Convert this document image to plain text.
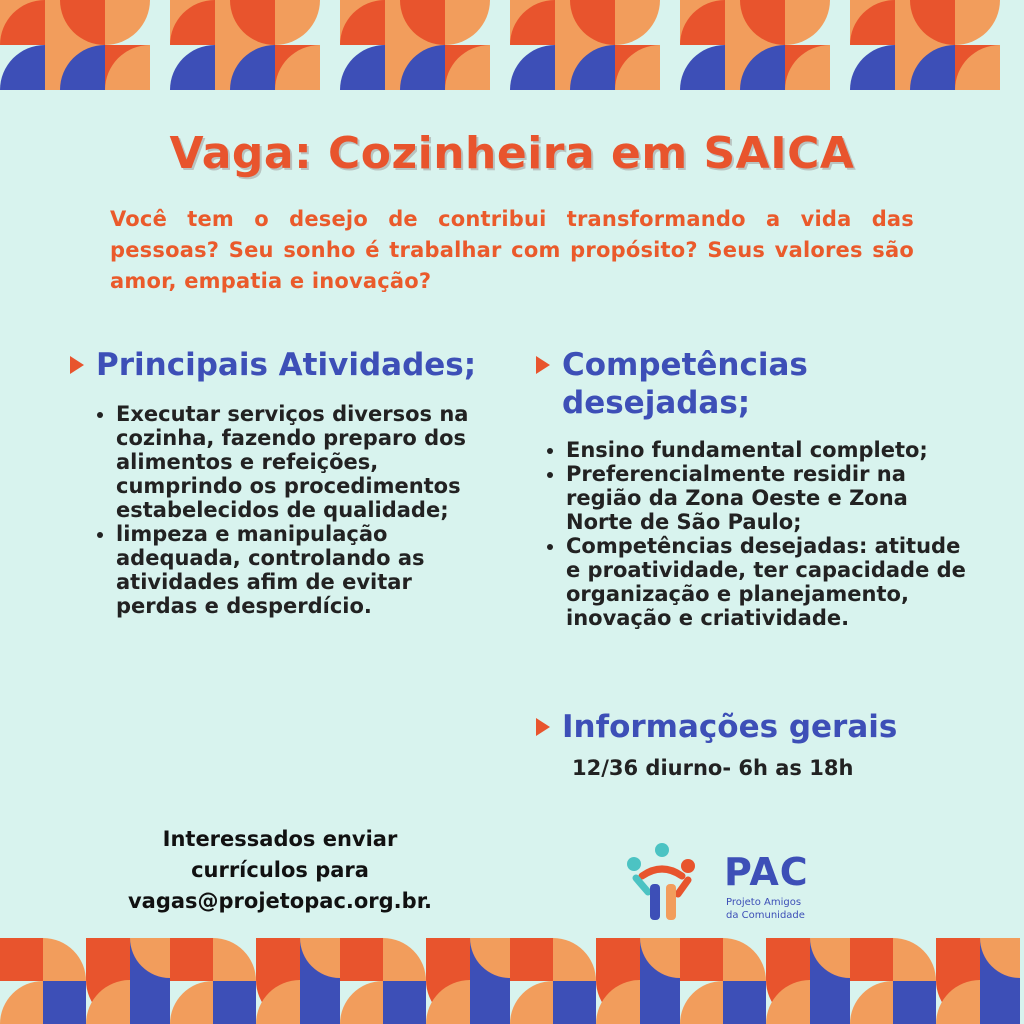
Vaga: Cozinheira em SAICA

Você tem o desejo de contribui transformando a vida das pessoas? Seu sonho é trabalhar com propósito? Seus valores são amor, empatia e inovação?

Principais Atividades;
• Executar serviços diversos na cozinha, fazendo preparo dos alimentos e refeições, cumprindo os procedimentos estabelecidos de qualidade;
• limpeza e manipulação adequada, controlando as atividades afim de evitar perdas e desperdício.
Competências desejadas;
• Ensino fundamental completo;
• Preferencialmente residir na região da Zona Oeste e Zona Norte de São Paulo;
• Competências desejadas: atitude e proatividade, ter capacidade de organização e planejamento, inovação e criatividade.
Informações gerais

12/36 diurno- 6h as 18h

Interessados enviar
currículos para
vagas@projetopac.org.br.

PAC

Projeto Amigos
da Comunidade
